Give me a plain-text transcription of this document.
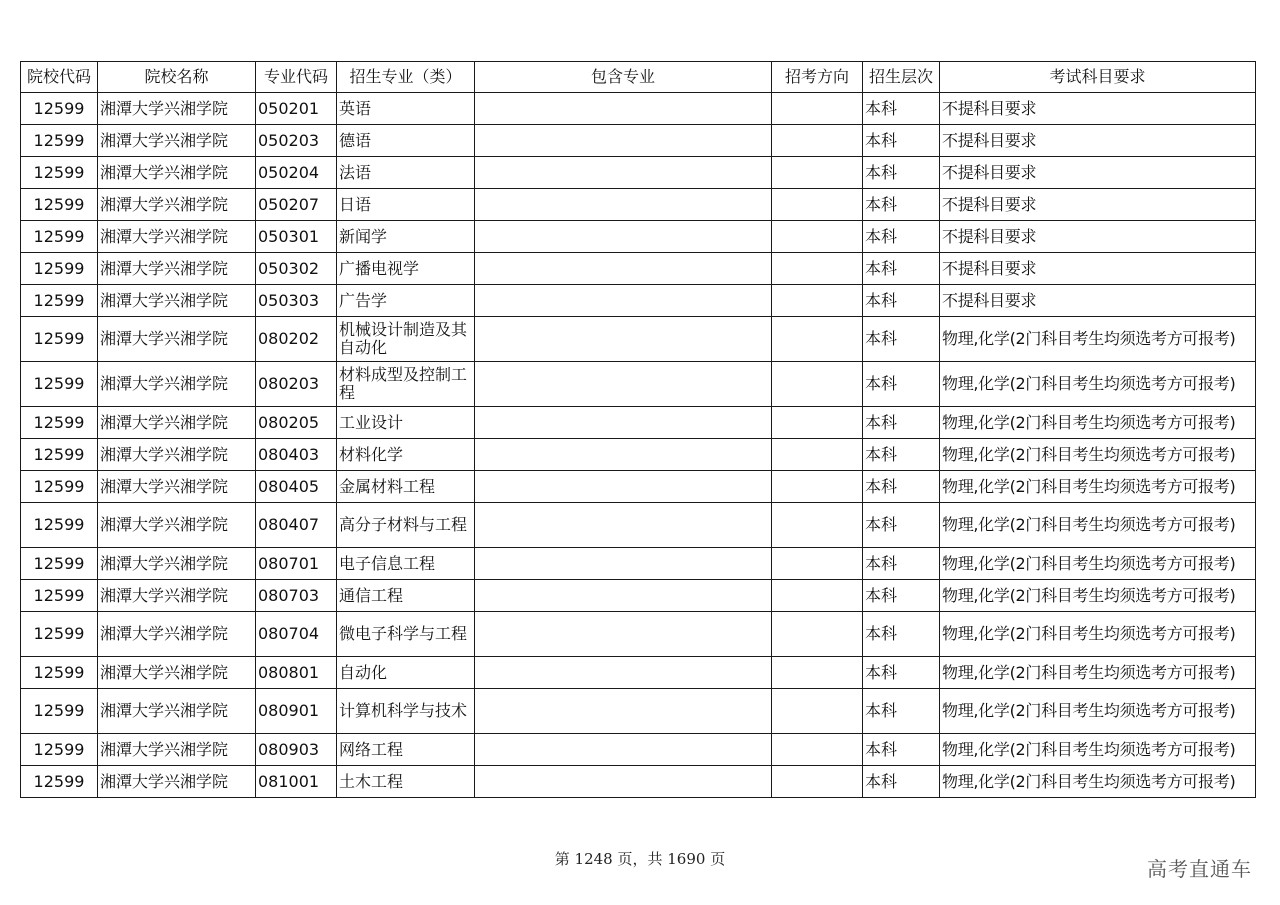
院校代码	院校名称	专业代码	招生专业（类）	包含专业	招考方向	招生层次	考试科目要求
12599	湘潭大学兴湘学院	050201	英语			本科	不提科目要求
12599	湘潭大学兴湘学院	050203	德语			本科	不提科目要求
12599	湘潭大学兴湘学院	050204	法语			本科	不提科目要求
12599	湘潭大学兴湘学院	050207	日语			本科	不提科目要求
12599	湘潭大学兴湘学院	050301	新闻学			本科	不提科目要求
12599	湘潭大学兴湘学院	050302	广播电视学			本科	不提科目要求
12599	湘潭大学兴湘学院	050303	广告学			本科	不提科目要求
12599	湘潭大学兴湘学院	080202	机械设计制造及其自动化			本科	物理,化学(2门科目考生均须选考方可报考)
12599	湘潭大学兴湘学院	080203	材料成型及控制工程			本科	物理,化学(2门科目考生均须选考方可报考)
12599	湘潭大学兴湘学院	080205	工业设计			本科	物理,化学(2门科目考生均须选考方可报考)
12599	湘潭大学兴湘学院	080403	材料化学			本科	物理,化学(2门科目考生均须选考方可报考)
12599	湘潭大学兴湘学院	080405	金属材料工程			本科	物理,化学(2门科目考生均须选考方可报考)
12599	湘潭大学兴湘学院	080407	高分子材料与工程			本科	物理,化学(2门科目考生均须选考方可报考)
12599	湘潭大学兴湘学院	080701	电子信息工程			本科	物理,化学(2门科目考生均须选考方可报考)
12599	湘潭大学兴湘学院	080703	通信工程			本科	物理,化学(2门科目考生均须选考方可报考)
12599	湘潭大学兴湘学院	080704	微电子科学与工程			本科	物理,化学(2门科目考生均须选考方可报考)
12599	湘潭大学兴湘学院	080801	自动化			本科	物理,化学(2门科目考生均须选考方可报考)
12599	湘潭大学兴湘学院	080901	计算机科学与技术			本科	物理,化学(2门科目考生均须选考方可报考)
12599	湘潭大学兴湘学院	080903	网络工程			本科	物理,化学(2门科目考生均须选考方可报考)
12599	湘潭大学兴湘学院	081001	土木工程			本科	物理,化学(2门科目考生均须选考方可报考)
第 1248 页，共 1690 页	高考直通车
